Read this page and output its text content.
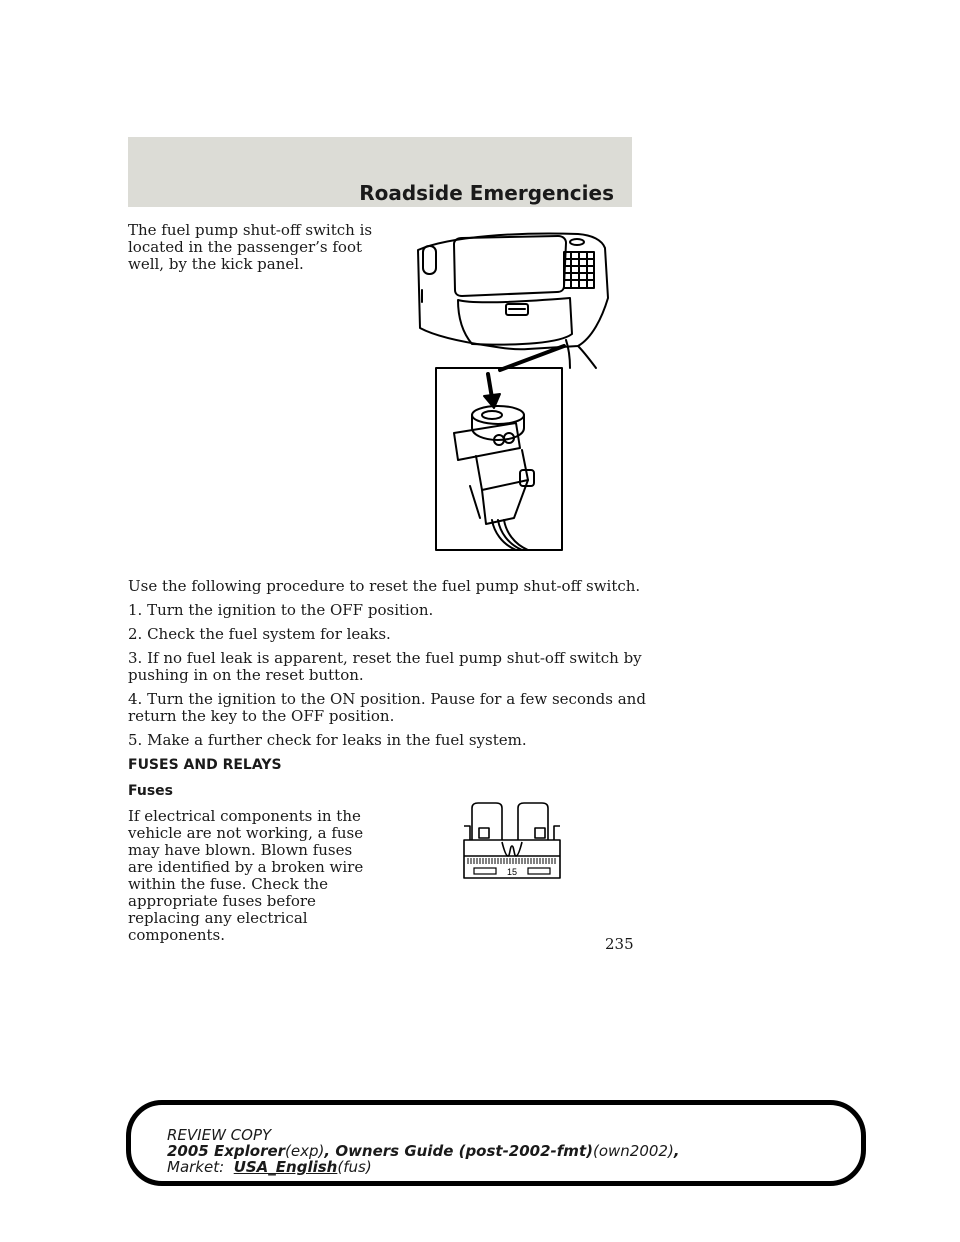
Roadside Emergencies

The fuel pump shut-off switch is located in the passenger’s foot well, by the kick panel.

Use the following procedure to reset the fuel pump shut-off switch.

1. Turn the ignition to the OFF position.

2. Check the fuel system for leaks.

3. If no fuel leak is apparent, reset the fuel pump shut-off switch by pushing in on the reset button.

4. Turn the ignition to the ON position. Pause for a few seconds and return the key to the OFF position.

5. Make a further check for leaks in the fuel system.

FUSES AND RELAYS
Fuses

If electrical components in the vehicle are not working, a fuse may have blown. Blown fuses are identified by a broken wire within the fuse. Check the appropriate fuses before replacing any electrical components.

15

235

REVIEW COPY
2005 Explorer(exp), Owners Guide (post-2002-fmt)(own2002),
Market: USA_English(fus)
